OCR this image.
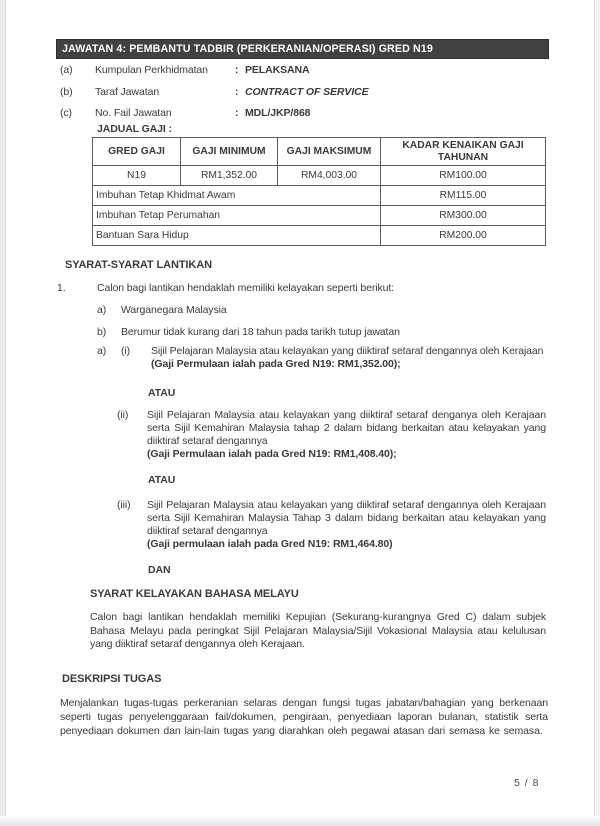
JAWATAN 4: PEMBANTU TADBIR (PERKERANIAN/OPERASI) GRED N19
(a) Kumpulan Perkhidmatan	: PELAKSANA
(b) Taraf Jawatan	: CONTRACT OF SERVICE
(c) No. Fail Jawatan	: MDL/JKP/868
JADUAL GAJI :
GRED GAJI	GAJI MINIMUM	GAJI MAKSIMUM	KADAR KENAIKAN GAJI TAHUNAN
N19	RM1,352.00	RM4,003.00	RM100.00
Imbuhan Tetap Khidmat Awam			RM115.00
Imbuhan Tetap Perumahan			RM300.00
Bantuan Sara Hidup			RM200.00
SYARAT-SYARAT LANTIKAN
1.	Calon bagi lantikan hendaklah memiliki kelayakan seperti berikut:
a) Warganegara Malaysia
b) Berumur tidak kurang dari 18 tahun pada tarikh tutup jawatan
a) (i) Sijil Pelajaran Malaysia atau kelayakan yang diiktiraf setaraf dengannya oleh Kerajaan
(Gaji Permulaan ialah pada Gred N19: RM1,352.00);
ATAU
(ii) Sijil Pelajaran Malaysia atau kelayakan yang diiktiraf setaraf denganya oleh Kerajaan serta Sijil Kemahiran Malaysia tahap 2 dalam bidang berkaitan atau kelayakan yang diiktiraf setaraf dengannya
(Gaji Permulaan ialah pada Gred N19: RM1,408.40);
ATAU
(iii) Sijil Pelajaran Malaysia atau kelayakan yang diiktiraf setaraf dengannya oleh Kerajaan serta Sijil Kemahiran Malaysia Tahap 3 dalam bidang berkaitan atau kelayakan yang diiktiraf setaraf dengannya
(Gaji permulaan ialah pada Gred N19: RM1,464.80)
DAN
SYARAT KELAYAKAN BAHASA MELAYU
Calon bagi lantikan hendaklah memiliki Kepujian (Sekurang-kurangnya Gred C) dalam subjek Bahasa Melayu pada peringkat Sijil Pelajaran Malaysia/Sijil Vokasional Malaysia atau kelulusan yang diiktiraf setaraf dengannya oleh Kerajaan.
DESKRIPSI TUGAS
Menjalankan tugas-tugas perkeranian selaras dengan fungsi tugas jabatan/bahagian yang berkenaan seperti tugas penyelenggaraan fail/dokumen, pengiraan, penyediaan laporan bulanan, statistik serta penyediaan dokumen dan lain-lain tugas yang diarahkan oleh pegawai atasan dari semasa ke semasa.
5 / 8
